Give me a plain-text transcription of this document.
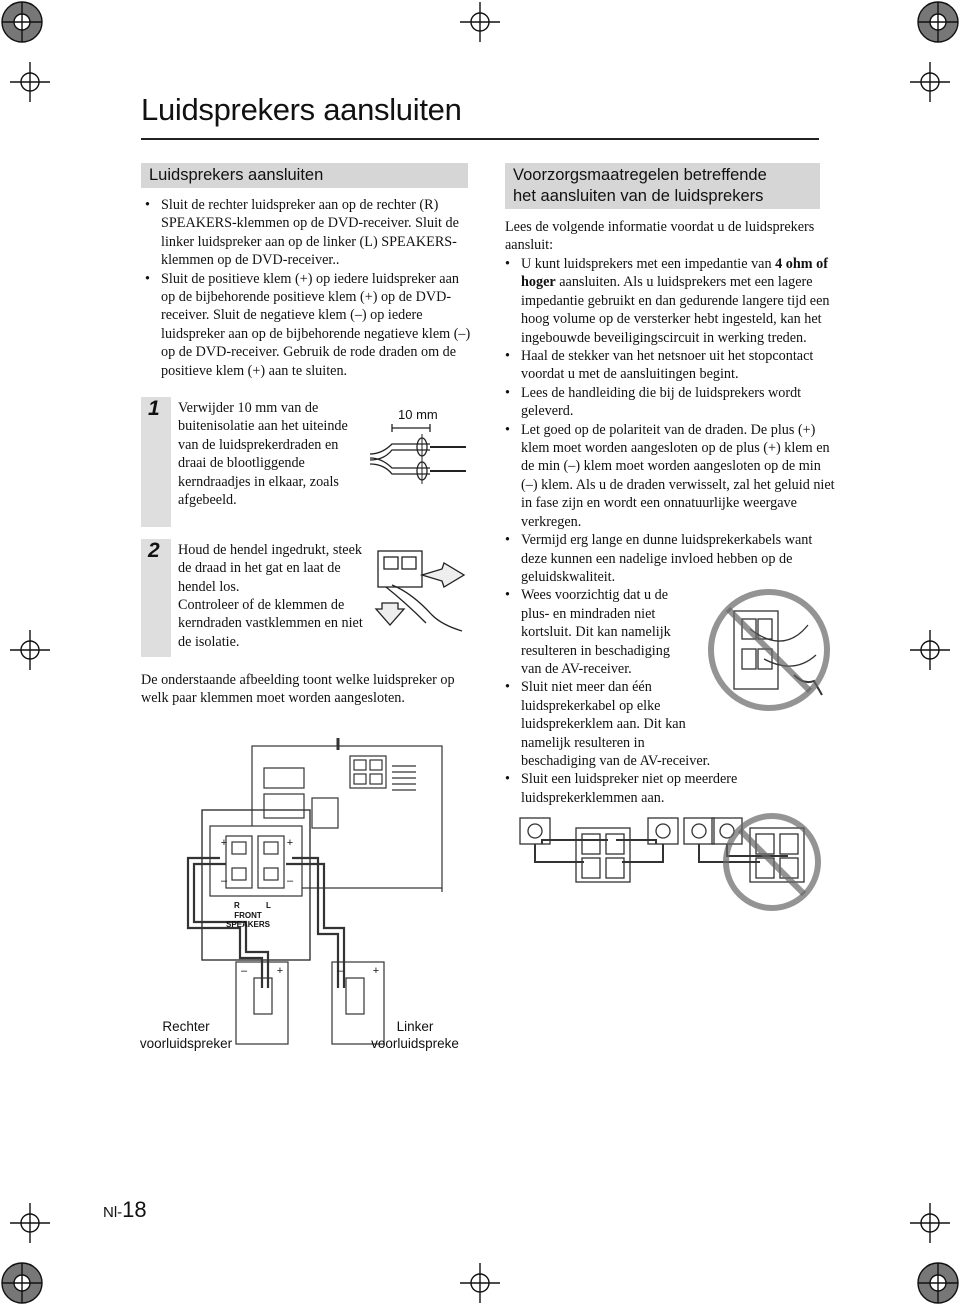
Luidsprekers aansluiten
Luidsprekers aansluiten
• Sluit de rechter luidspreker aan op de rechter (R) SPEAKERS-klemmen op de DVD-receiver. Sluit de linker luidspreker aan op de linker (L) SPEAKERS-klemmen op de DVD-receiver..
• Sluit de positieve klem (+) op iedere luidspreker aan op de bijbehorende positieve klem (+) op de DVD-receiver. Sluit de negatieve klem (–) op iedere luidspreker aan op de bijbehorende negatieve klem (–) op de DVD-receiver. Gebruik de rode draden om de positieve klem (+) aan te sluiten.
1 Verwijder 10 mm van de buitenisolatie aan het uiteinde van de luidsprekerdraden en draai de blootliggende kerndraadjes in elkaar, zoals afgebeeld.
10 mm
2 Houd de hendel ingedrukt, steek de draad in het gat en laat de hendel los.
Controleer of de klemmen de kerndraden vastklemmen en niet de isolatie.
De onderstaande afbeelding toont welke luidspreker op welk paar klemmen moet worden aangesloten.
+	+
–	–
–	+	–	+
R	L
FRONT SPEAKERS
Rechter voorluidspreker
Linker voorluidspreke
Voorzorgsmaatregelen betreffende
het aansluiten van de luidsprekers
Lees de volgende informatie voordat u de luidsprekers aansluit:
• U kunt luidsprekers met een impedantie van 4 ohm of hoger aansluiten. Als u luidsprekers met een lagere impedantie gebruikt en dan gedurende langere tijd een hoog volume op de versterker hebt ingesteld, kan het ingebouwde beveiligingscircuit in werking treden.
• Haal de stekker van het netsnoer uit het stopcontact voordat u met de aansluitingen begint.
• Lees de handleiding die bij de luidsprekers wordt geleverd.
• Let goed op de polariteit van de draden. De plus (+) klem moet worden aangesloten op de plus (+) klem en de min (–) klem moet worden aangesloten op de min (–) klem. Als u de draden verwisselt, zal het geluid niet in fase zijn en wordt een onnatuurlijke weergave verkregen.
• Vermijd erg lange en dunne luidsprekerkabels want deze kunnen een nadelige invloed hebben op de geluidskwaliteit.
• Wees voorzichtig dat u de plus- en mindraden niet kortsluit. Dit kan namelijk resulteren in beschadiging van de AV-receiver.
• Sluit niet meer dan één luidsprekerkabel op elke luidsprekerklem aan. Dit kan namelijk resulteren in beschadiging van de AV-receiver.
• Sluit een luidspreker niet op meerdere luidsprekerklemmen aan.
Nl-18
